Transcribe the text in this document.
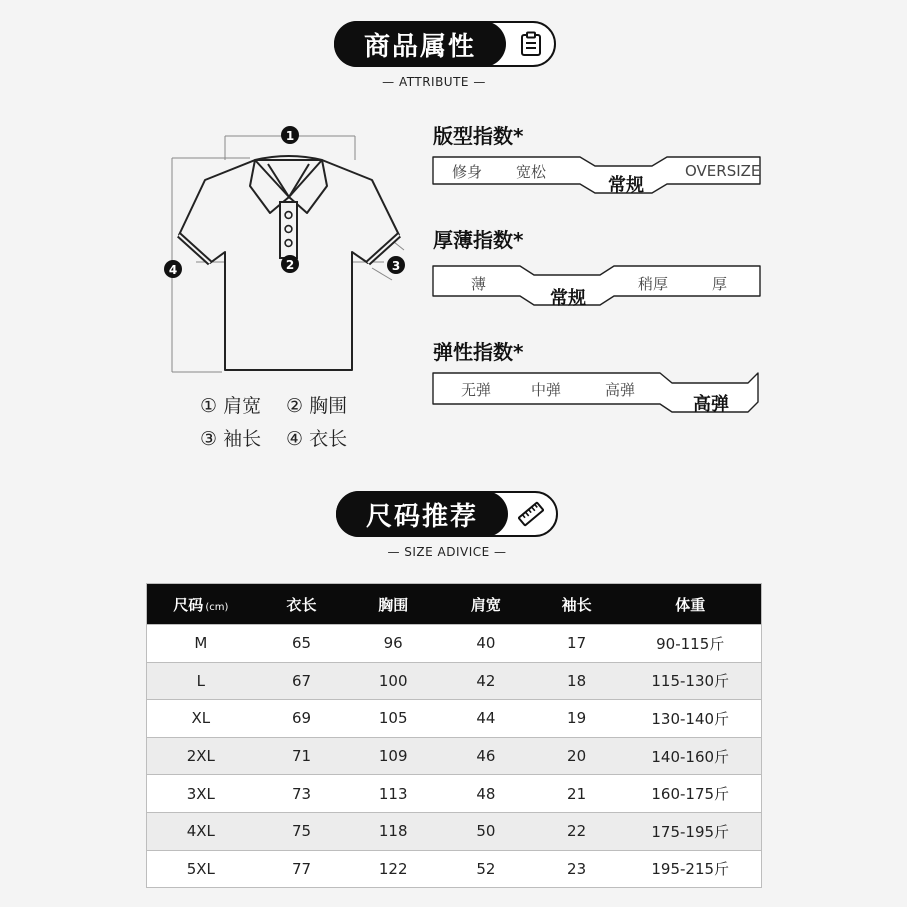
商品属性
— ATTRIBUTE —
1
2	3
4
① 肩宽 ② 胸围
③ 袖长 ④ 衣长
版型指数*
修身 宽松
常规
OVERSIZE
厚薄指数*
薄
常规
稍厚	厚
弹性指数*
无弹	中弹	高弹
高弹
尺码推荐
— SIZE ADIVICE —
尺码 (cm)	衣长	胸围	肩宽	袖长	体重
M	65	96	40	17	90-115斤
L	67	100	42	18	115-130斤
XL	69	105	44	19	130-140斤
2XL	71	109	46	20	140-160斤
3XL	73	113	48	21	160-175斤
4XL	75	118	50	22	175-195斤
5XL	77	122	52	23	195-215斤
